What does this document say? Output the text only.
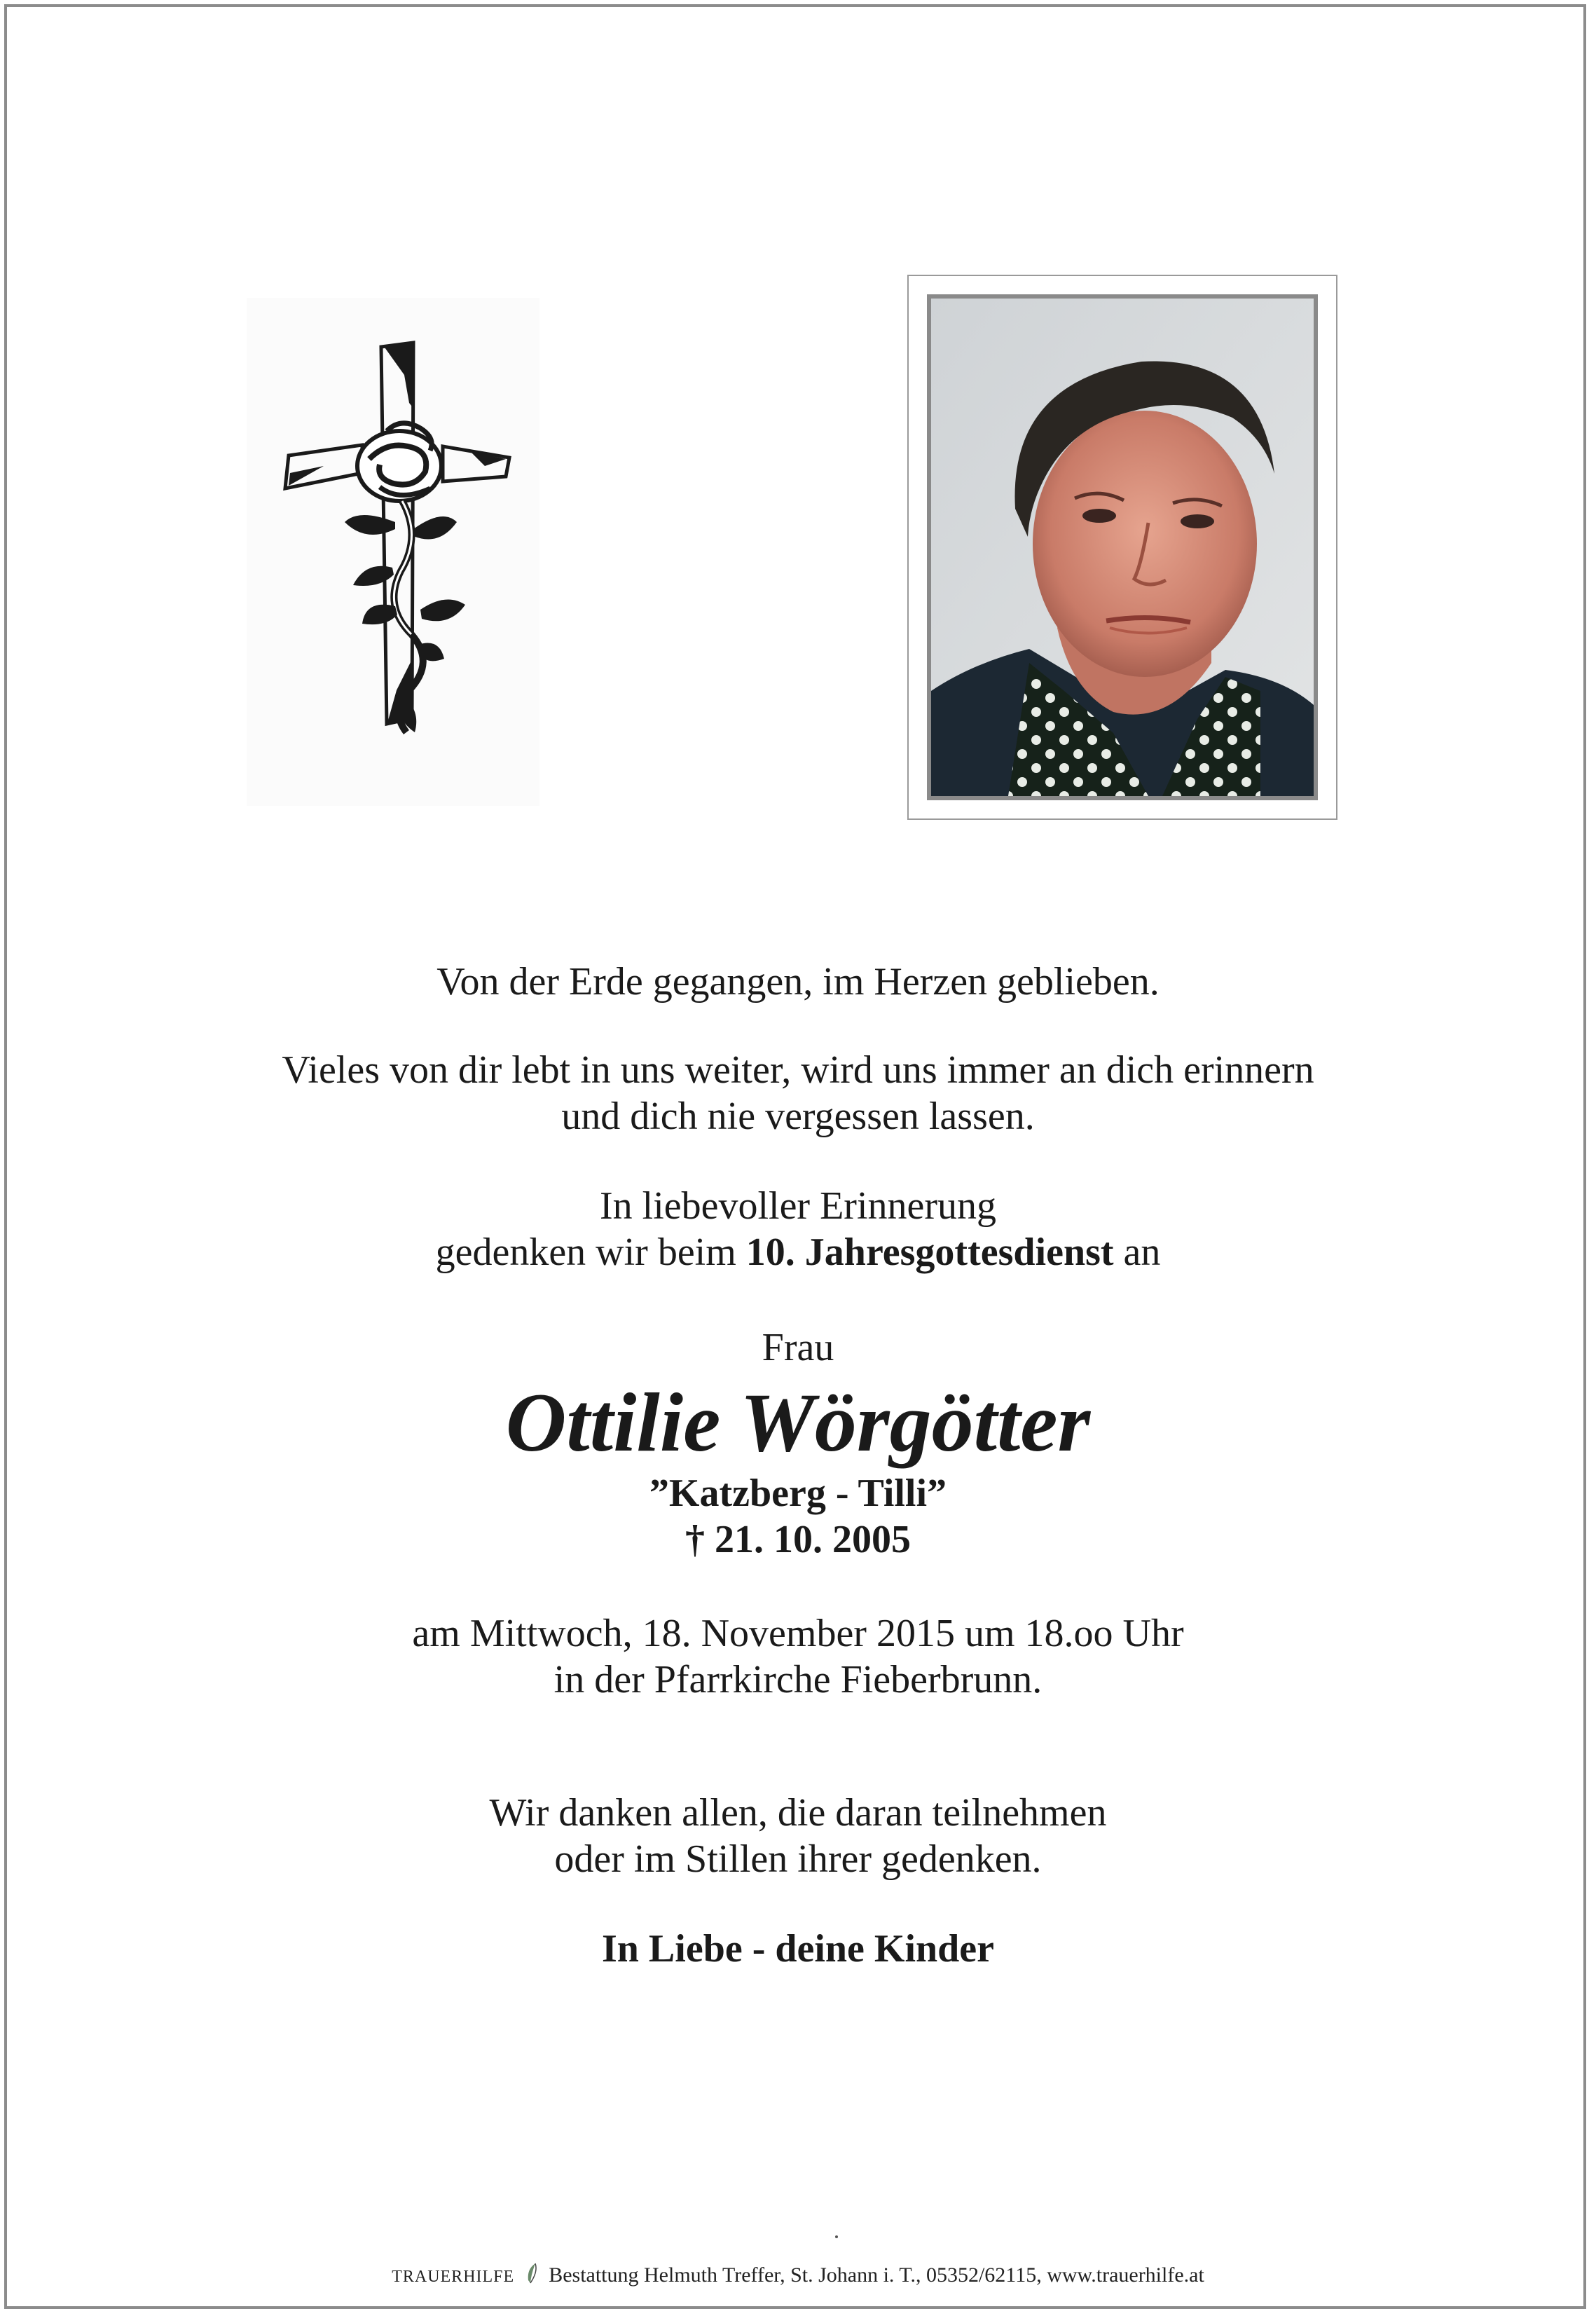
Von der Erde gegangen, im Herzen geblieben.
Vieles von dir lebt in uns weiter, wird uns immer an dich erinnern
und dich nie vergessen lassen.
In liebevoller Erinnerung
gedenken wir beim 10. Jahresgottesdienst an
Frau
Ottilie Wörgötter
”Katzberg - Tilli”
† 21. 10. 2005
am Mittwoch, 18. November 2015 um 18.oo Uhr
in der Pfarrkirche Fieberbrunn.
Wir danken allen, die daran teilnehmen
oder im Stillen ihrer gedenken.
In Liebe - deine Kinder
TRAUERHILFE Bestattung Helmuth Treffer, St. Johann i. T., 05352/62115, www.trauerhilfe.at
